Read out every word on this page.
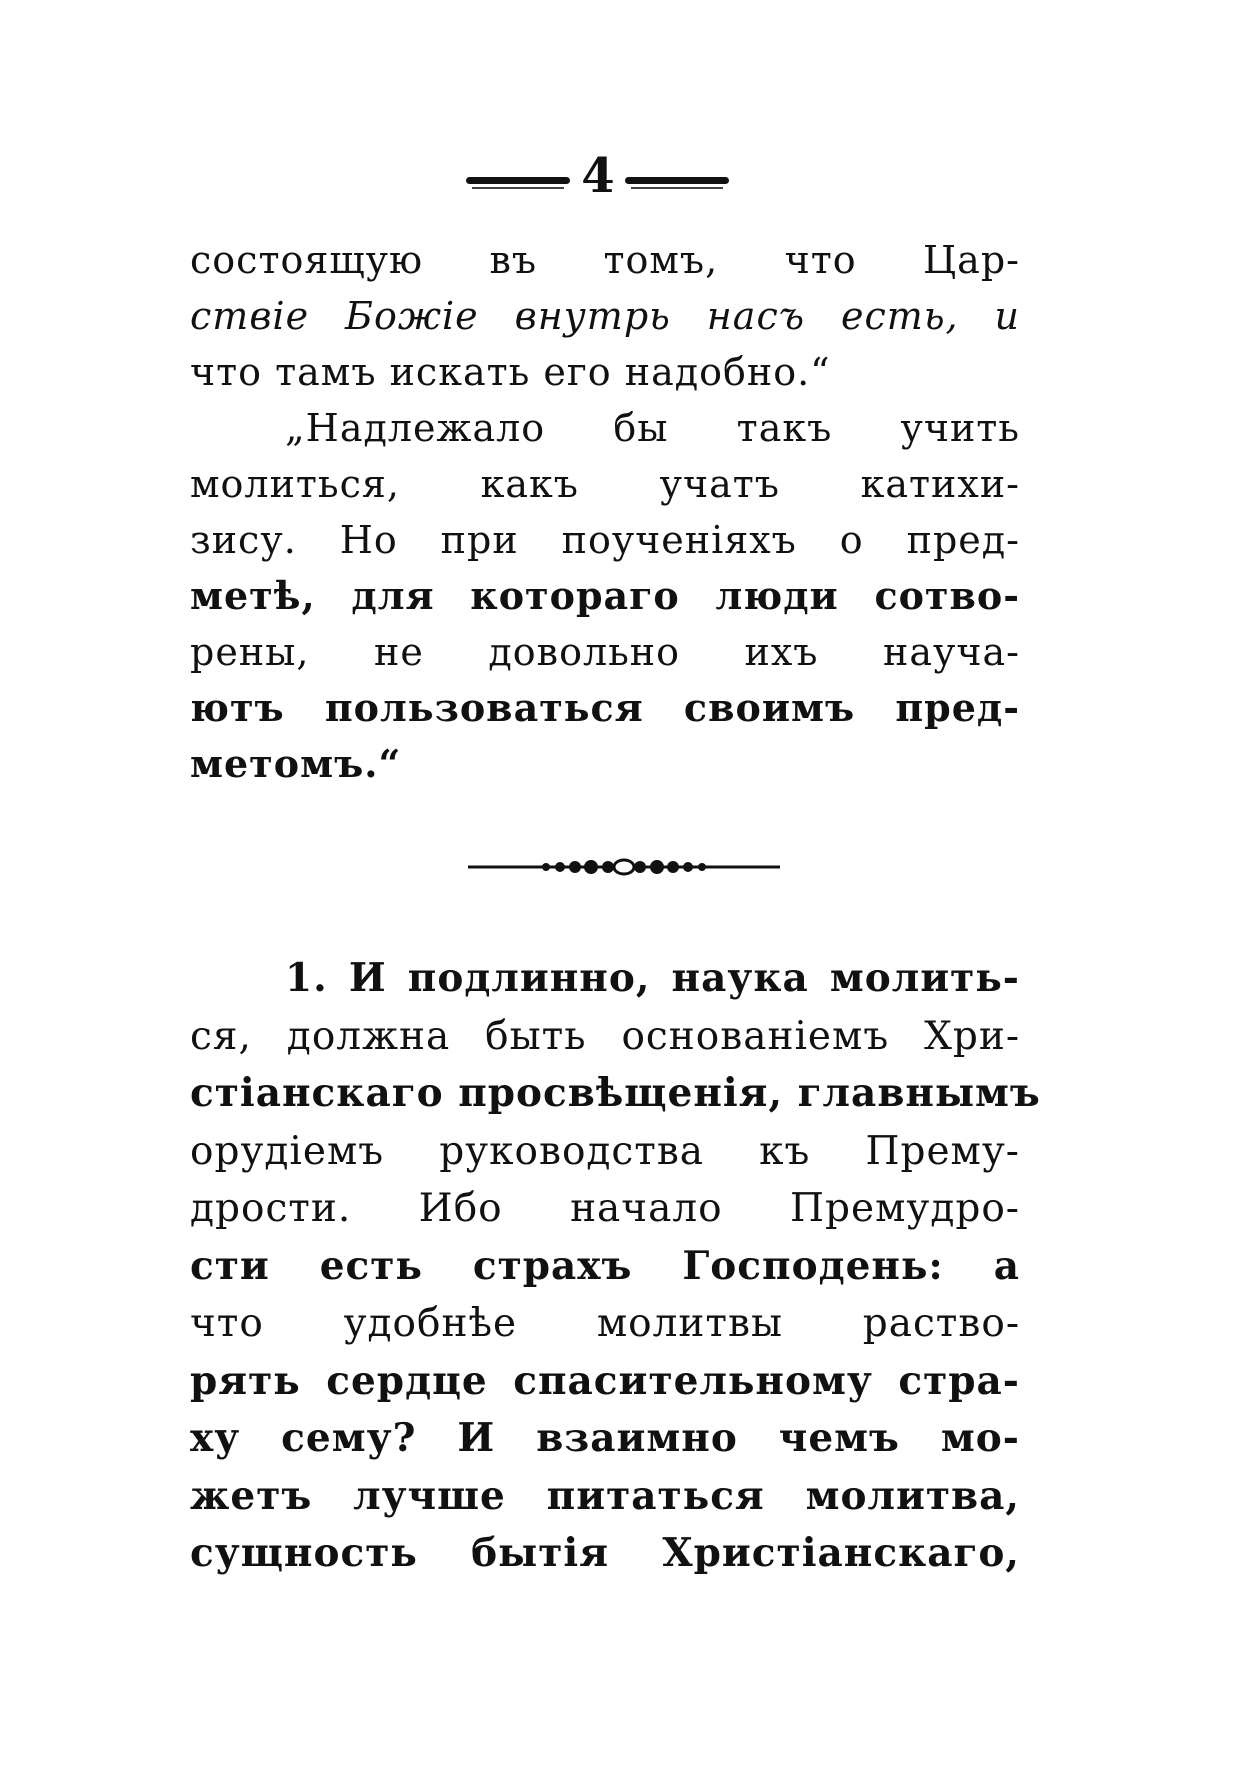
4
состоящую въ томъ, что Цар-
ствіе Божіе внутрь насъ есть, и
что тамъ искать его надобно.“
„Надлежало бы такъ учить
молиться, какъ учатъ катихи-
зису. Но при поученіяхъ о пред-
метѣ, для котораго люди сотво-
рены, не довольно ихъ науча-
ютъ пользоваться своимъ пред-
метомъ.“
1. И подлинно, наука молить-
ся, должна быть основаніемъ Хри-
стіанскаго просвѣщенія, главнымъ
орудіемъ руководства къ Прему-
дрости. Ибо начало Премудро-
сти есть страхъ Господень: а
что удобнѣе молитвы раство-
рять сердце спасительному стра-
ху сему? И взаимно чемъ мо-
жетъ лучше питаться молитва,
сущность бытія Христіанскаго,
